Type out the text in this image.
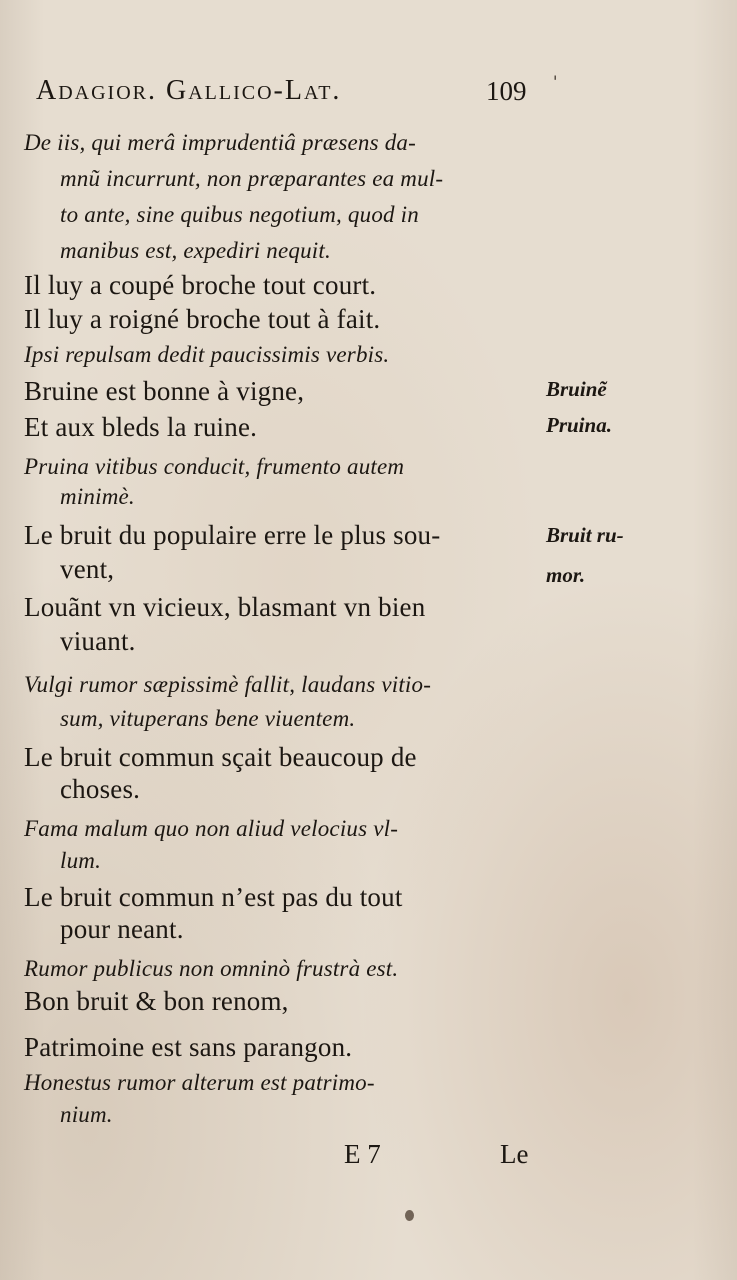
Adagior. Gallico-Lat.	109 '
De iis, qui merâ imprudentiâ præsens da-
mnũ incurrunt, non præparantes ea mul-
to ante, sine quibus negotium, quod in
manibus est, expediri nequit.
Il luy a coupé broche tout court.
Il luy a roigné broche tout à fait.
Ipsi repulsam dedit paucissimis verbis.
Bruine est bonne à vigne,
Et aux bleds la ruine.
Pruina vitibus conducit, frumento autem
minimè.
Le bruit du populaire erre le plus sou-
vent,
Louãnt vn vicieux, blasmant vn bien
viuant.
Vulgi rumor sæpissimè fallit, laudans vitio-
sum, vituperans bene viuentem.
Le bruit commun sçait beaucoup de
choses.
Fama malum quo non aliud velocius vl-
lum.
Le bruit commun n’est pas du tout
pour neant.
Rumor publicus non omninò frustrà est.
Bon bruit & bon renom,
Patrimoine est sans parangon.
Honestus rumor alterum est patrimo-
nium.
Bruinẽ
Pruina.
Bruit ru-
mor.
E 7	Le
